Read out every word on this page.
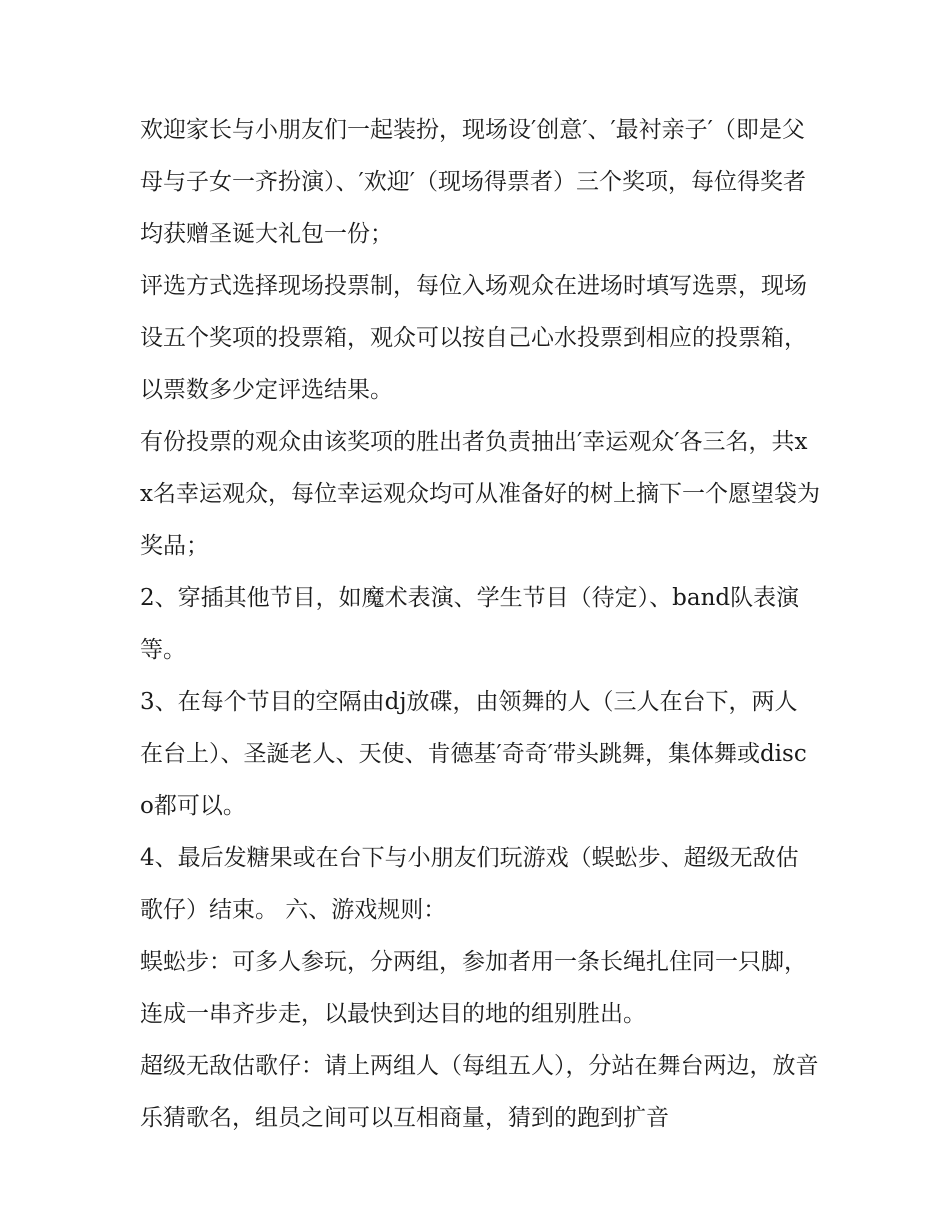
欢迎家长与小朋友们一起装扮，现场设′创意′、′最衬亲子′（即是父母与子女一齐扮演）、′欢迎′（现场得票者）三个奖项，每位得奖者均获赠圣诞大礼包一份；

评选方式选择现场投票制，每位入场观众在进场时填写选票，现场设五个奖项的投票箱，观众可以按自己心水投票到相应的投票箱，以票数多少定评选结果。

有份投票的观众由该奖项的胜出者负责抽出′幸运观众′各三名，共xx名幸运观众，每位幸运观众均可从准备好的树上摘下一个愿望袋为奖品；

2、穿插其他节目，如魔术表演、学生节目（待定）、band队表演等。

3、在每个节目的空隔由dj放碟，由领舞的人（三人在台下，两人在台上）、圣誕老人、天使、肯德基′奇奇′带头跳舞，集体舞或disco都可以。

4、最后发糖果或在台下与小朋友们玩游戏（蜈蚣步、超级无敌估歌仔）结束。 六、游戏规则：

蜈蚣步：可多人参玩，分两组，参加者用一条长绳扎住同一只脚，连成一串齐步走，以最快到达目的地的组别胜出。

超级无敌估歌仔：请上两组人（每组五人），分站在舞台两边，放音乐猜歌名，组员之间可以互相商量，猜到的跑到扩音
